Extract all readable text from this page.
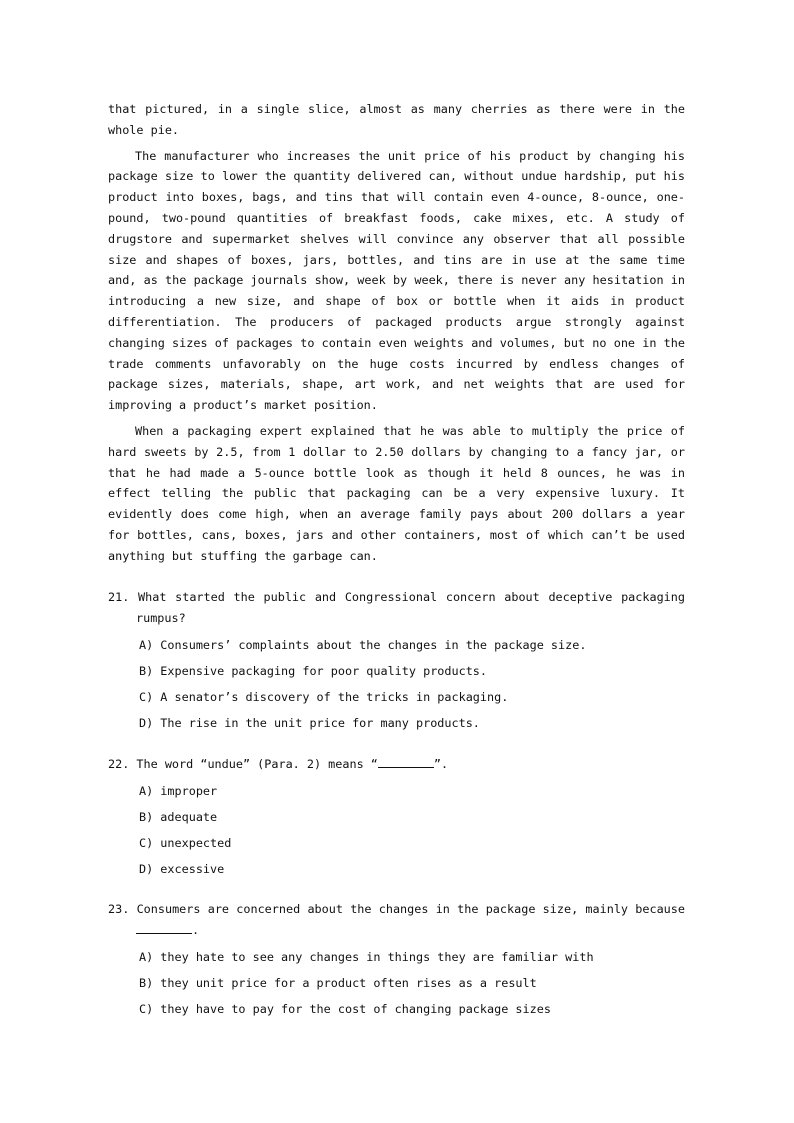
that pictured, in a single slice, almost as many cherries as there were in the whole pie.

The manufacturer who increases the unit price of his product by changing his package size to lower the quantity delivered can, without undue hardship, put his product into boxes, bags, and tins that will contain even 4-ounce, 8-ounce, one-pound, two-pound quantities of breakfast foods, cake mixes, etc. A study of drugstore and supermarket shelves will convince any observer that all possible size and shapes of boxes, jars, bottles, and tins are in use at the same time and, as the package journals show, week by week, there is never any hesitation in introducing a new size, and shape of box or bottle when it aids in product differentiation. The producers of packaged products argue strongly against changing sizes of packages to contain even weights and volumes, but no one in the trade comments unfavorably on the huge costs incurred by endless changes of package sizes, materials, shape, art work, and net weights that are used for improving a product’s market position.

When a packaging expert explained that he was able to multiply the price of hard sweets by 2.5, from 1 dollar to 2.50 dollars by changing to a fancy jar, or that he had made a 5-ounce bottle look as though it held 8 ounces, he was in effect telling the public that packaging can be a very expensive luxury. It evidently does come high, when an average family pays about 200 dollars a year for bottles, cans, boxes, jars and other containers, most of which can’t be used anything but stuffing the garbage can.

21. What started the public and Congressional concern about deceptive packaging rumpus?

A) Consumers’ complaints about the changes in the package size.
B) Expensive packaging for poor quality products.
C) A senator’s discovery of the tricks in packaging.
D) The rise in the unit price for many products.

22. The word “undue” (Para. 2) means “	”.

A) improper
B) adequate
C) unexpected
D) excessive

23. Consumers are concerned about the changes in the package size, mainly because .

A) they hate to see any changes in things they are familiar with
B) they unit price for a product often rises as a result
C) they have to pay for the cost of changing package sizes
